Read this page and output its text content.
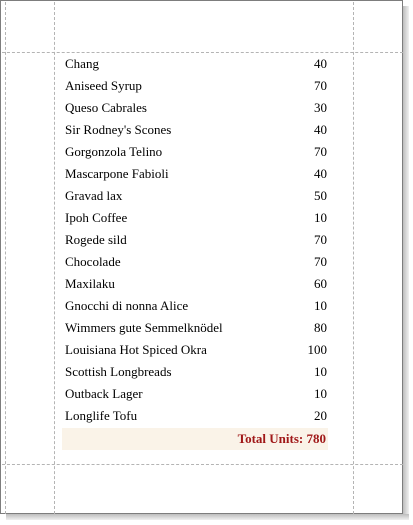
Chang	40
Aniseed Syrup	70
Queso Cabrales	30
Sir Rodney's Scones	40
Gorgonzola Telino	70
Mascarpone Fabioli	40
Gravad lax	50
Ipoh Coffee	10
Rogede sild	70
Chocolade	70
Maxilaku	60
Gnocchi di nonna Alice	10
Wimmers gute Semmelknödel	80
Louisiana Hot Spiced Okra	100
Scottish Longbreads	10
Outback Lager	10
Longlife Tofu	20
Total Units: 780
